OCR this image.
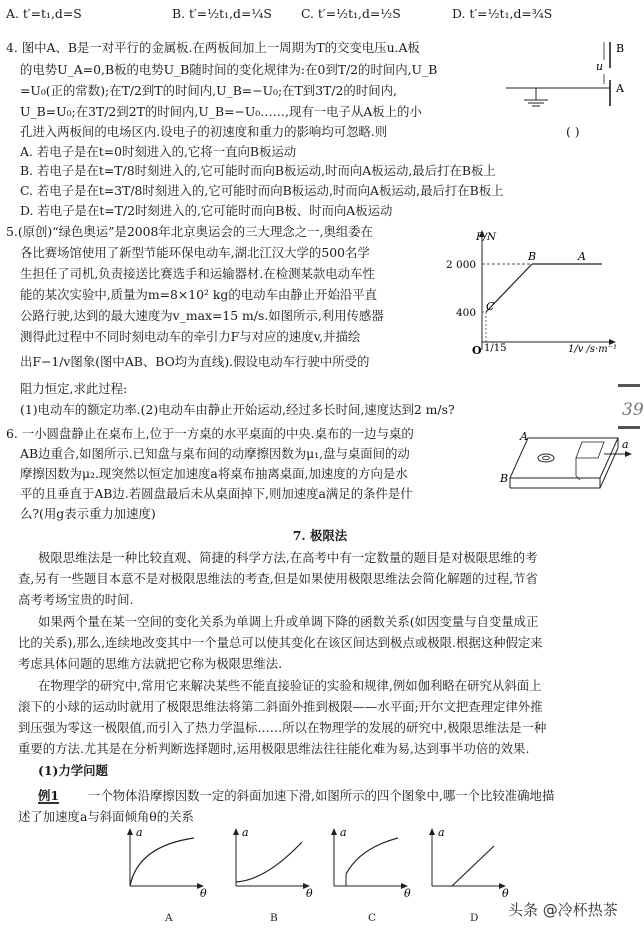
A. t′=t₁,d=S	B. t′=½t₁,d=¼S C. t′=½t₁,d=½S	D. t′=½t₁,d=¾S
4. 图中A、B是一对平行的金属板.在两板间加上一周期为T的交变电压u.A板
的电势U_A=0,B板的电势U_B随时间的变化规律为:在0到T/2的时间内,U_B
=U₀(正的常数);在T/2到T的时间内,U_B=−U₀;在T到3T/2的时间内,
U_B=U₀;在3T/2到2T的时间内,U_B=−U₀……,现有一电子从A板上的小
孔进入两板间的电场区内.设电子的初速度和重力的影响均可忽略.则	( )
A. 若电子是在t=0时刻进入的,它将一直向B板运动
B. 若电子是在t=T/8时刻进入的,它可能时而向B板运动,时而向A板运动,最后打在B板上
C. 若电子是在t=3T/8时刻进入的,它可能时而向B板运动,时而向A板运动,最后打在B板上
D. 若电子是在t=T/2时刻进入的,它可能时而向B板、时而向A板运动
B
A
u
5.(原创)“绿色奥运”是2008年北京奥运会的三大理念之一,奥组委在
各比赛场馆使用了新型节能环保电动车,湖北江汉大学的500名学
生担任了司机,负责接送比赛选手和运输器材.在检测某款电动车性
能的某次实验中,质量为m=8×10² kg的电动车由静止开始沿平直
公路行驶,达到的最大速度为v_max=15 m/s.如图所示,利用传感器
测得此过程中不同时刻电动车的牵引力F与对应的速度v,并描绘
出F−1/v图象(图中AB、BO均为直线).假设电动车行驶中所受的
阻力恒定,求此过程:
(1)电动车的额定功率.(2)电动车由静止开始运动,经过多长时间,速度达到2 m/s?
F/N
2 000
400
O 1/15	1/v /s·m⁻¹
A
B
C
6. 一小圆盘静止在桌布上,位于一方桌的水平桌面的中央.桌布的一边与桌的
AB边重合,如图所示.已知盘与桌布间的动摩擦因数为μ₁,盘与桌面间的动
摩擦因数为μ₂.现突然以恒定加速度a将桌布抽离桌面,加速度的方向是水
平的且垂直于AB边.若圆盘最后未从桌面掉下,则加速度a满足的条件是什
么?(用g表示重力加速度)
A
B
a
7. 极限法
极限思维法是一种比较直观、简捷的科学方法,在高考中有一定数量的题目是对极限思维的考
查,另有一些题目本意不是对极限思维法的考查,但是如果使用极限思维法会简化解题的过程,节省
高考考场宝贵的时间.
如果两个量在某一空间的变化关系为单调上升或单调下降的函数关系(如因变量与自变量成正
比的关系),那么,连续地改变其中一个量总可以使其变化在该区间达到极点或极限.根据这种假定来
考虑具体问题的思维方法就把它称为极限思维法.
在物理学的研究中,常用它来解决某些不能直接验证的实验和规律,例如伽利略在研究从斜面上
滚下的小球的运动时就用了极限思维法将第二斜面外推到极限——水平面;开尔文把查理定律外推
到压强为零这一极限值,而引入了热力学温标……所以在物理学的发展的研究中,极限思维法是一种
重要的方法.尤其是在分析判断选择题时,运用极限思维法往往能化难为易,达到事半功倍的效果.
(1)力学问题
例1 一个物体沿摩擦因数一定的斜面加速下滑,如图所示的四个图象中,哪一个比较准确地描
述了加速度a与斜面倾角θ的关系
a
θ
a
θ
a
θ
a
θ
A	B	C	D
39
头条 @冷杯热茶
